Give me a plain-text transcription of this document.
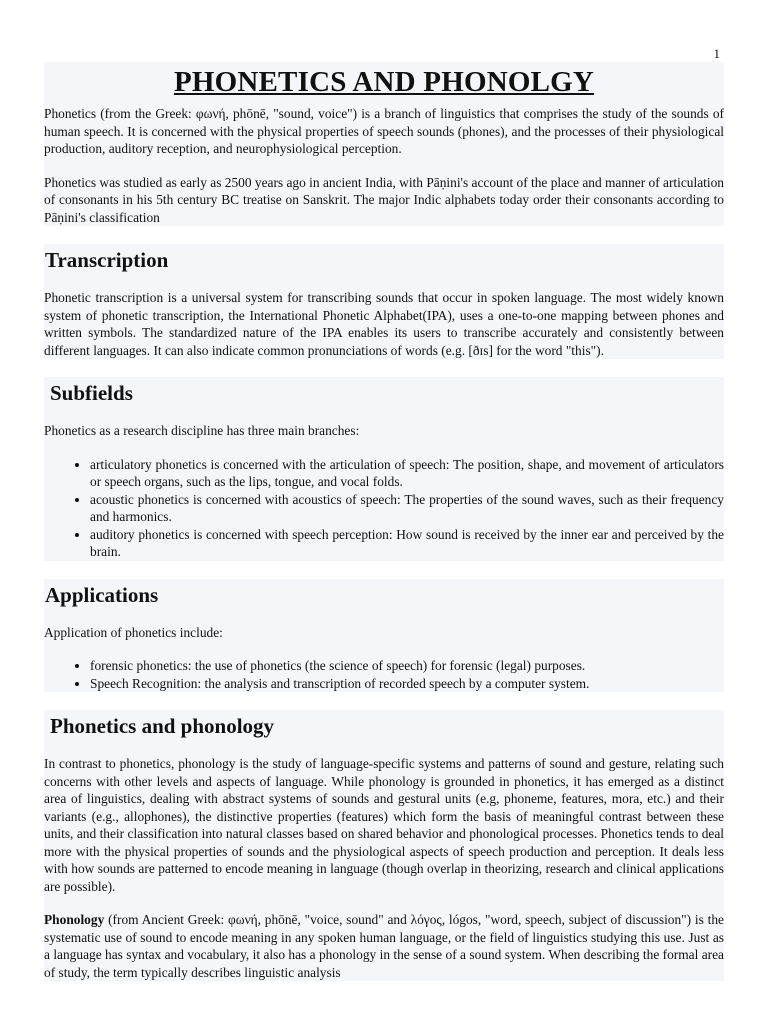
1
PHONETICS AND PHONOLGY

Phonetics (from the Greek: φωνή, phōnē, "sound, voice") is a branch of linguistics that comprises the study of the sounds of human speech. It is concerned with the physical properties of speech sounds (phones), and the processes of their physiological production, auditory reception, and neurophysiological perception.

Phonetics was studied as early as 2500 years ago in ancient India, with Pāṇini's account of the place and manner of articulation of consonants in his 5th century BC treatise on Sanskrit. The major Indic alphabets today order their consonants according to Pāṇini's classification

Transcription

Phonetic transcription is a universal system for transcribing sounds that occur in spoken language. The most widely known system of phonetic transcription, the International Phonetic Alphabet(IPA), uses a one-to-one mapping between phones and written symbols. The standardized nature of the IPA enables its users to transcribe accurately and consistently between different languages. It can also indicate common pronunciations of words (e.g. [ðɪs] for the word "this").

Subfields

Phonetics as a research discipline has three main branches:

• articulatory phonetics is concerned with the articulation of speech: The position, shape, and movement of articulators or speech organs, such as the lips, tongue, and vocal folds.
• acoustic phonetics is concerned with acoustics of speech: The properties of the sound waves, such as their frequency and harmonics.
• auditory phonetics is concerned with speech perception: How sound is received by the inner ear and perceived by the brain.
Applications

Application of phonetics include:

• forensic phonetics: the use of phonetics (the science of speech) for forensic (legal) purposes.
• Speech Recognition: the analysis and transcription of recorded speech by a computer system.
Phonetics and phonology

In contrast to phonetics, phonology is the study of language-specific systems and patterns of sound and gesture, relating such concerns with other levels and aspects of language. While phonology is grounded in phonetics, it has emerged as a distinct area of linguistics, dealing with abstract systems of sounds and gestural units (e.g, phoneme, features, mora, etc.) and their variants (e.g., allophones), the distinctive properties (features) which form the basis of meaningful contrast between these units, and their classification into natural classes based on shared behavior and phonological processes. Phonetics tends to deal more with the physical properties of sounds and the physiological aspects of speech production and perception. It deals less with how sounds are patterned to encode meaning in language (though overlap in theorizing, research and clinical applications are possible).

Phonology (from Ancient Greek: φωνή, phōnē, "voice, sound" and λόγος, lógos, "word, speech, subject of discussion") is the systematic use of sound to encode meaning in any spoken human language, or the field of linguistics studying this use. Just as a language has syntax and vocabulary, it also has a phonology in the sense of a sound system. When describing the formal area of study, the term typically describes linguistic analysis
